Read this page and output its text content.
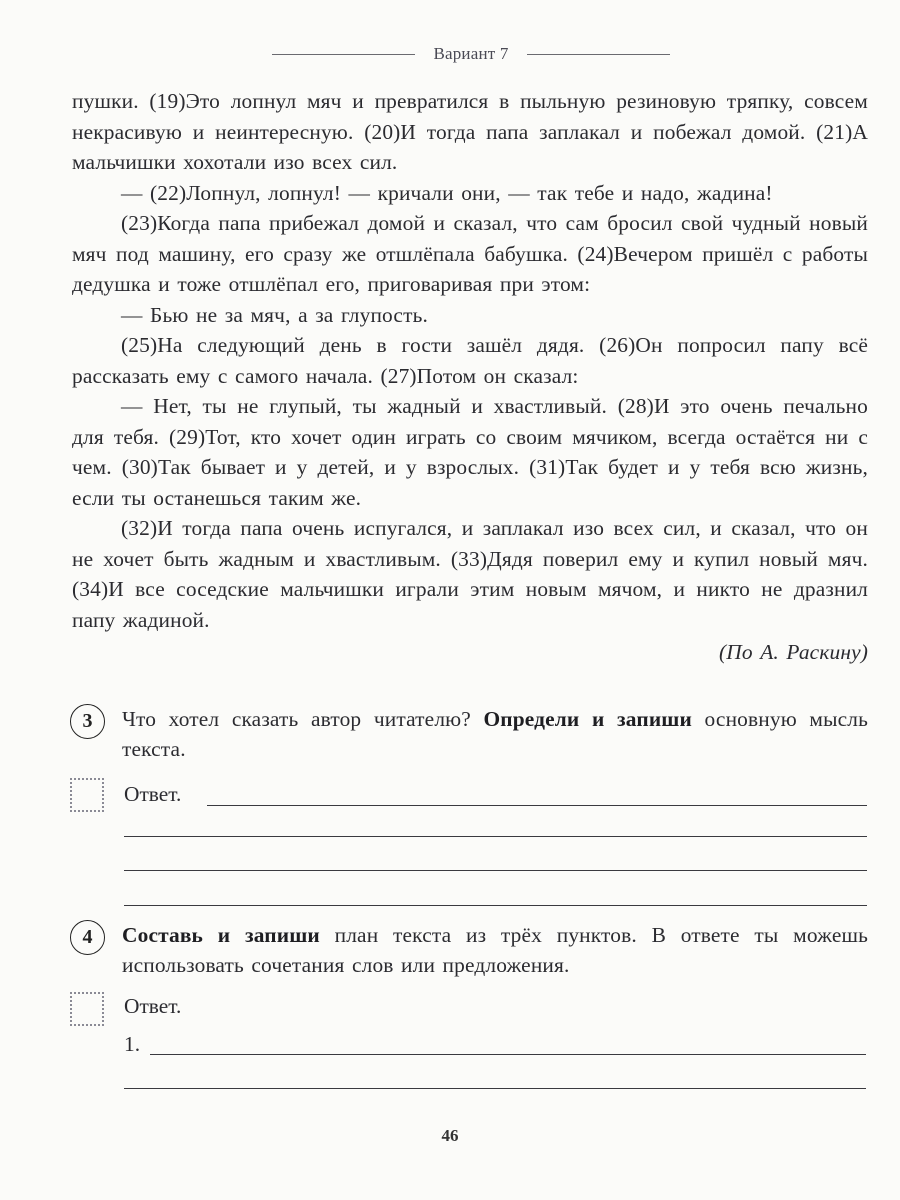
Вариант 7

пушки. (19)Это лопнул мяч и превратился в пыльную резиновую тряпку, совсем некрасивую и неинтересную. (20)И тогда папа заплакал и побежал домой. (21)А мальчишки хохотали изо всех сил.

— (22)Лопнул, лопнул! — кричали они, — так тебе и надо, жадина!

(23)Когда папа прибежал домой и сказал, что сам бросил свой чудный новый мяч под машину, его сразу же отшлёпала бабушка. (24)Вечером пришёл с работы дедушка и тоже отшлёпал его, приговаривая при этом:

— Бью не за мяч, а за глупость.

(25)На следующий день в гости зашёл дядя. (26)Он попросил папу всё рассказать ему с самого начала. (27)Потом он сказал:

— Нет, ты не глупый, ты жадный и хвастливый. (28)И это очень печально для тебя. (29)Тот, кто хочет один играть со своим мячиком, всегда остаётся ни с чем. (30)Так бывает и у детей, и у взрослых. (31)Так будет и у тебя всю жизнь, если ты останешься таким же.

(32)И тогда папа очень испугался, и заплакал изо всех сил, и сказал, что он не хочет быть жадным и хвастливым. (33)Дядя поверил ему и купил новый мяч. (34)И все соседские мальчишки играли этим новым мячом, и никто не дразнил папу жадиной.

(По А. Раскину)

3	Что хотел сказать автор читателю? Определи и запиши основную мысль текста.
Ответ.
4	Составь и запиши план текста из трёх пунктов. В ответе ты можешь использовать сочетания слов или предложения.
Ответ.
1.
46
